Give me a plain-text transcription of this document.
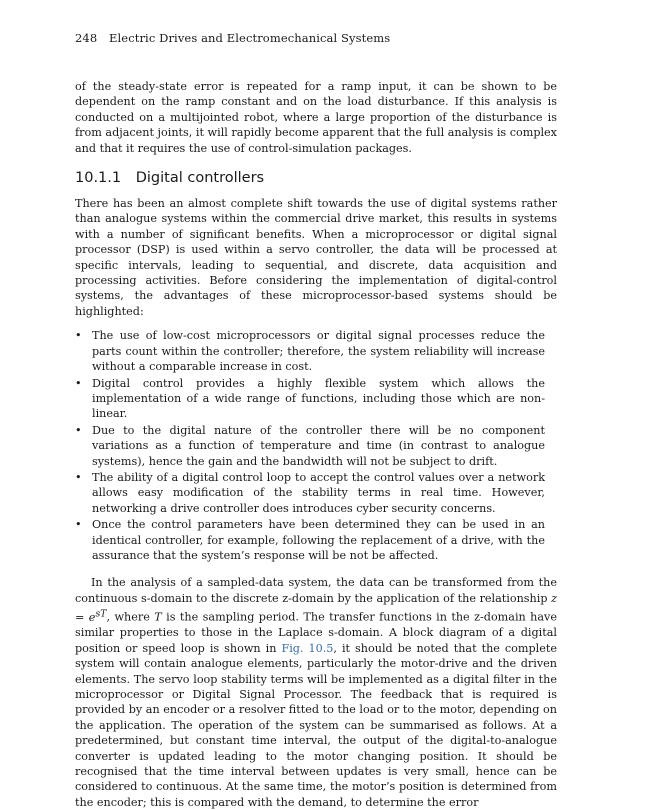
248 Electric Drives and Electromechanical Systems

of the steady-state error is repeated for a ramp input, it can be shown to be dependent on the ramp constant and on the load disturbance. If this analysis is conducted on a multijointed robot, where a large proportion of the disturbance is from adjacent joints, it will rapidly become apparent that the full analysis is complex and that it requires the use of control-simulation packages.

10.1.1 Digital controllers

There has been an almost complete shift towards the use of digital systems rather than analogue systems within the commercial drive market, this results in systems with a number of significant benefits. When a microprocessor or digital signal processor (DSP) is used within a servo controller, the data will be processed at specific intervals, leading to sequential, and discrete, data acquisition and processing activities. Before considering the implementation of digital-control systems, the advantages of these microprocessor-based systems should be highlighted:

• The use of low-cost microprocessors or digital signal processes reduce the parts count within the controller; therefore, the system reliability will increase without a comparable increase in cost.
• Digital control provides a highly flexible system which allows the implementation of a wide range of functions, including those which are non-linear.
• Due to the digital nature of the controller there will be no component variations as a function of temperature and time (in contrast to analogue systems), hence the gain and the bandwidth will not be subject to drift.
• The ability of a digital control loop to accept the control values over a network allows easy modification of the stability terms in real time. However, networking a drive controller does introduces cyber security concerns.
• Once the control parameters have been determined they can be used in an identical controller, for example, following the replacement of a drive, with the assurance that the system’s response will be not be affected.

In the analysis of a sampled-data system, the data can be transformed from the continuous s-domain to the discrete z-domain by the application of the relationship $z = e^{sT}$, where T is the sampling period. The transfer functions in the z-domain have similar properties to those in the Laplace s-domain. A block diagram of a digital position or speed loop is shown in Fig. 10.5, it should be noted that the complete system will contain analogue elements, particularly the motor-drive and the driven elements. The servo loop stability terms will be implemented as a digital filter in the microprocessor or Digital Signal Processor. The feedback that is required is provided by an encoder or a resolver fitted to the load or to the motor, depending on the application. The operation of the system can be summarised as follows. At a predetermined, but constant time interval, the output of the digital-to-analogue converter is updated leading to the motor changing position. It should be recognised that the time interval between updates is very small, hence can be considered to continuous. At the same time, the motor’s position is determined from the encoder; this is compared with the demand, to determine the error
